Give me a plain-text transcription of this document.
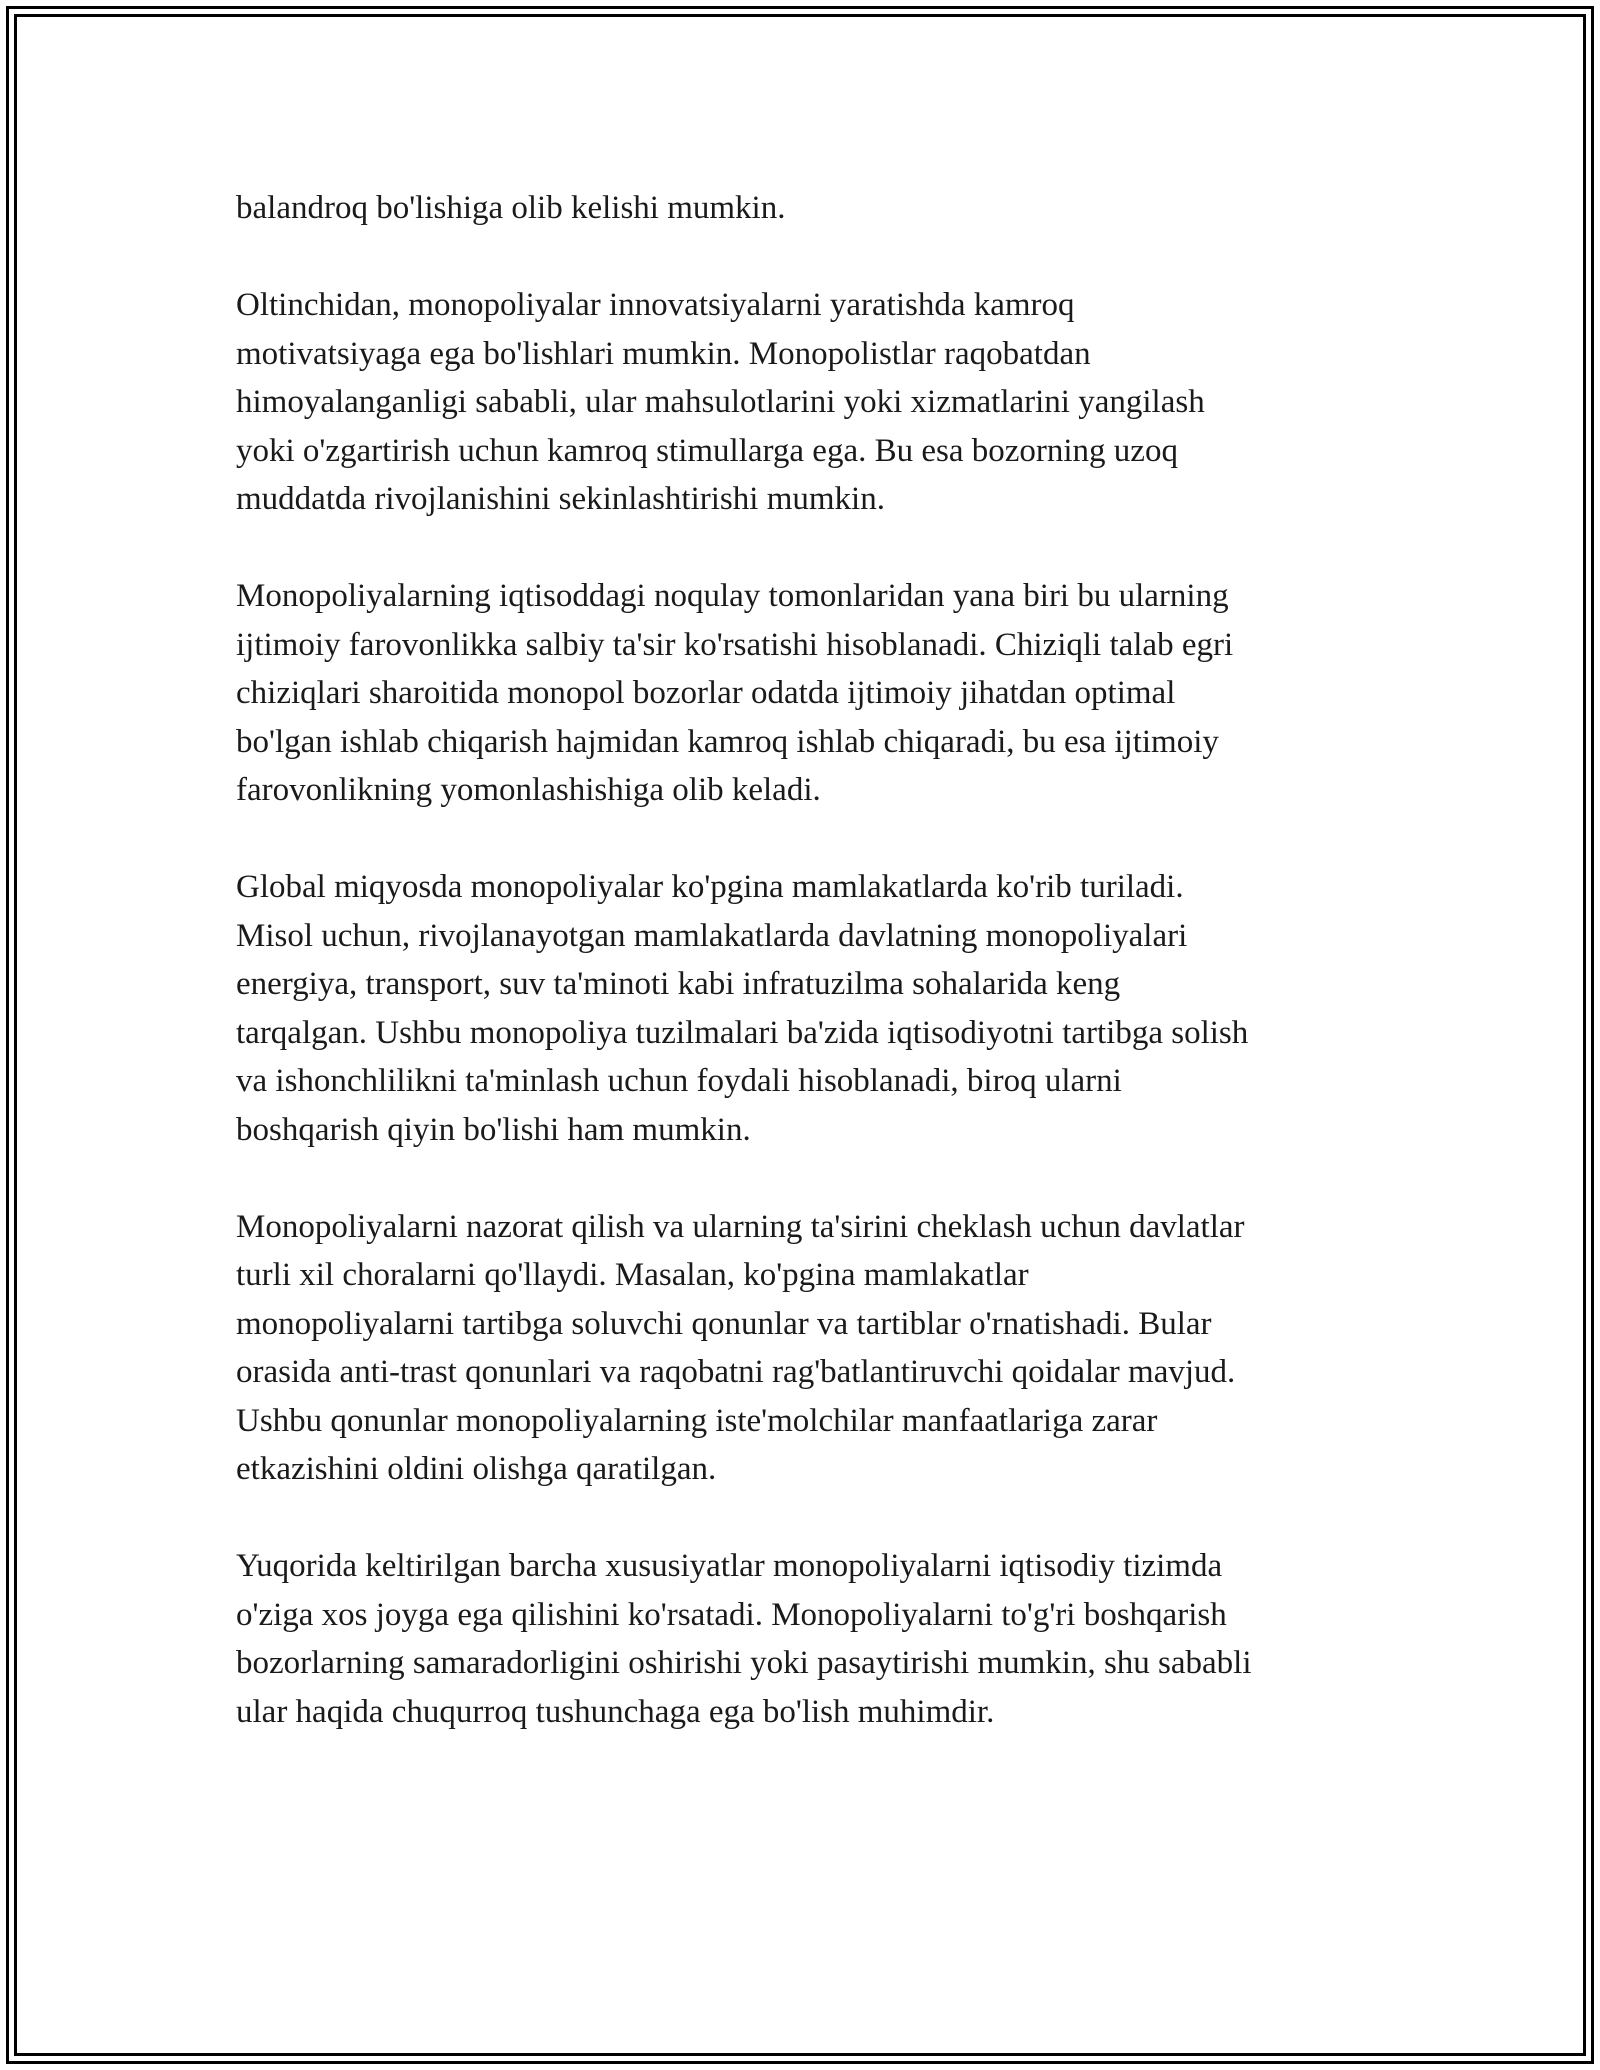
balandroq bo'lishiga olib kelishi mumkin.

Oltinchidan, monopoliyalar innovatsiyalarni yaratishda kamroq
motivatsiyaga ega bo'lishlari mumkin. Monopolistlar raqobatdan
himoyalanganligi sababli, ular mahsulotlarini yoki xizmatlarini yangilash
yoki o'zgartirish uchun kamroq stimullarga ega. Bu esa bozorning uzoq
muddatda rivojlanishini sekinlashtirishi mumkin.

Monopoliyalarning iqtisoddagi noqulay tomonlaridan yana biri bu ularning
ijtimoiy farovonlikka salbiy ta'sir ko'rsatishi hisoblanadi. Chiziqli talab egri
chiziqlari sharoitida monopol bozorlar odatda ijtimoiy jihatdan optimal
bo'lgan ishlab chiqarish hajmidan kamroq ishlab chiqaradi, bu esa ijtimoiy
farovonlikning yomonlashishiga olib keladi.

Global miqyosda monopoliyalar ko'pgina mamlakatlarda ko'rib turiladi.
Misol uchun, rivojlanayotgan mamlakatlarda davlatning monopoliyalari
energiya, transport, suv ta'minoti kabi infratuzilma sohalarida keng
tarqalgan. Ushbu monopoliya tuzilmalari ba'zida iqtisodiyotni tartibga solish
va ishonchlilikni ta'minlash uchun foydali hisoblanadi, biroq ularni
boshqarish qiyin bo'lishi ham mumkin.

Monopoliyalarni nazorat qilish va ularning ta'sirini cheklash uchun davlatlar
turli xil choralarni qo'llaydi. Masalan, ko'pgina mamlakatlar
monopoliyalarni tartibga soluvchi qonunlar va tartiblar o'rnatishadi. Bular
orasida anti-trast qonunlari va raqobatni rag'batlantiruvchi qoidalar mavjud.
Ushbu qonunlar monopoliyalarning iste'molchilar manfaatlariga zarar
etkazishini oldini olishga qaratilgan.

Yuqorida keltirilgan barcha xususiyatlar monopoliyalarni iqtisodiy tizimda
o'ziga xos joyga ega qilishini ko'rsatadi. Monopoliyalarni to'g'ri boshqarish
bozorlarning samaradorligini oshirishi yoki pasaytirishi mumkin, shu sababli
ular haqida chuqurroq tushunchaga ega bo'lish muhimdir.
